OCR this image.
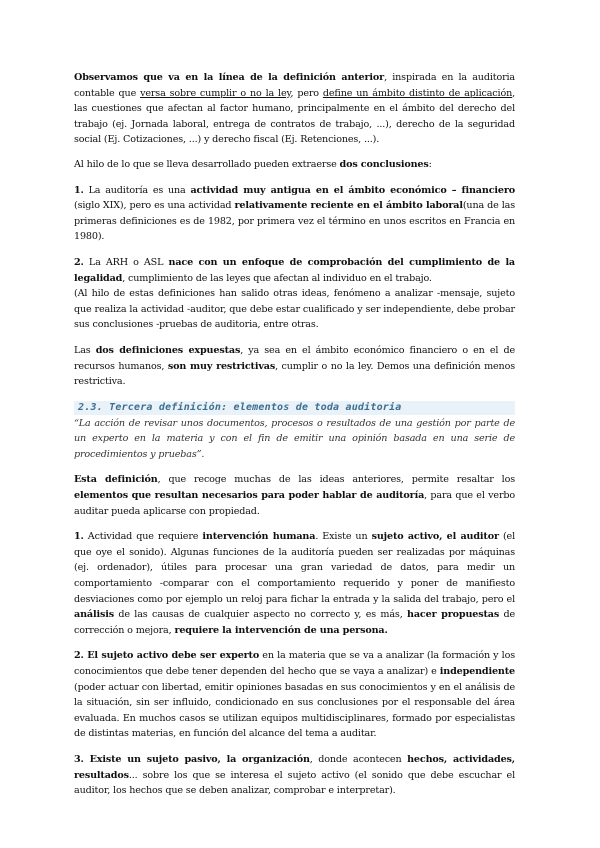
Observamos que va en la línea de la definición anterior, inspirada en la auditoria contable que versa sobre cumplir o no la ley, pero define un ámbito distinto de aplicación, las cuestiones que afectan al factor humano, principalmente en el ámbito del derecho del trabajo (ej. Jornada laboral, entrega de contratos de trabajo, ...), derecho de la seguridad social (Ej. Cotizaciones, ...) y derecho fiscal (Ej. Retenciones, ...).

Al hilo de lo que se lleva desarrollado pueden extraerse dos conclusiones:

1. La auditoría es una actividad muy antigua en el ámbito económico – financiero (siglo XIX), pero es una actividad relativamente reciente en el ámbito laboral(una de las primeras definiciones es de 1982, por primera vez el término en unos escritos en Francia en 1980).

2. La ARH o ASL nace con un enfoque de comprobación del cumplimiento de la legalidad, cumplimiento de las leyes que afectan al individuo en el trabajo.
(Al hilo de estas definiciones han salido otras ideas, fenómeno a analizar -mensaje, sujeto que realiza la actividad -auditor, que debe estar cualificado y ser independiente, debe probar sus conclusiones -pruebas de auditoria, entre otras.

Las dos definiciones expuestas, ya sea en el ámbito económico financiero o en el de recursos humanos, son muy restrictivas, cumplir o no la ley. Demos una definición menos restrictiva.

2.3. Tercera definición: elementos de toda auditoria

“La acción de revisar unos documentos, procesos o resultados de una gestión por parte de un experto en la materia y con el fin de emitir una opinión basada en una serie de procedimientos y pruebas”.

Esta definición, que recoge muchas de las ideas anteriores, permite resaltar los elementos que resultan necesarios para poder hablar de auditoría, para que el verbo auditar pueda aplicarse con propiedad.

1. Actividad que requiere intervención humana. Existe un sujeto activo, el auditor (el que oye el sonido). Algunas funciones de la auditoría pueden ser realizadas por máquinas (ej. ordenador), útiles para procesar una gran variedad de datos, para medir un comportamiento -comparar con el comportamiento requerido y poner de manifiesto desviaciones como por ejemplo un reloj para fichar la entrada y la salida del trabajo, pero el análisis de las causas de cualquier aspecto no correcto y, es más, hacer propuestas de corrección o mejora, requiere la intervención de una persona.

2. El sujeto activo debe ser experto en la materia que se va a analizar (la formación y los conocimientos que debe tener dependen del hecho que se vaya a analizar) e independiente (poder actuar con libertad, emitir opiniones basadas en sus conocimientos y en el análisis de la situación, sin ser influido, condicionado en sus conclusiones por el responsable del área evaluada. En muchos casos se utilizan equipos multidisciplinares, formado por especialistas de distintas materias, en función del alcance del tema a auditar.

3. Existe un sujeto pasivo, la organización, donde acontecen hechos, actividades, resultados... sobre los que se interesa el sujeto activo (el sonido que debe escuchar el auditor, los hechos que se deben analizar, comprobar e interpretar).
